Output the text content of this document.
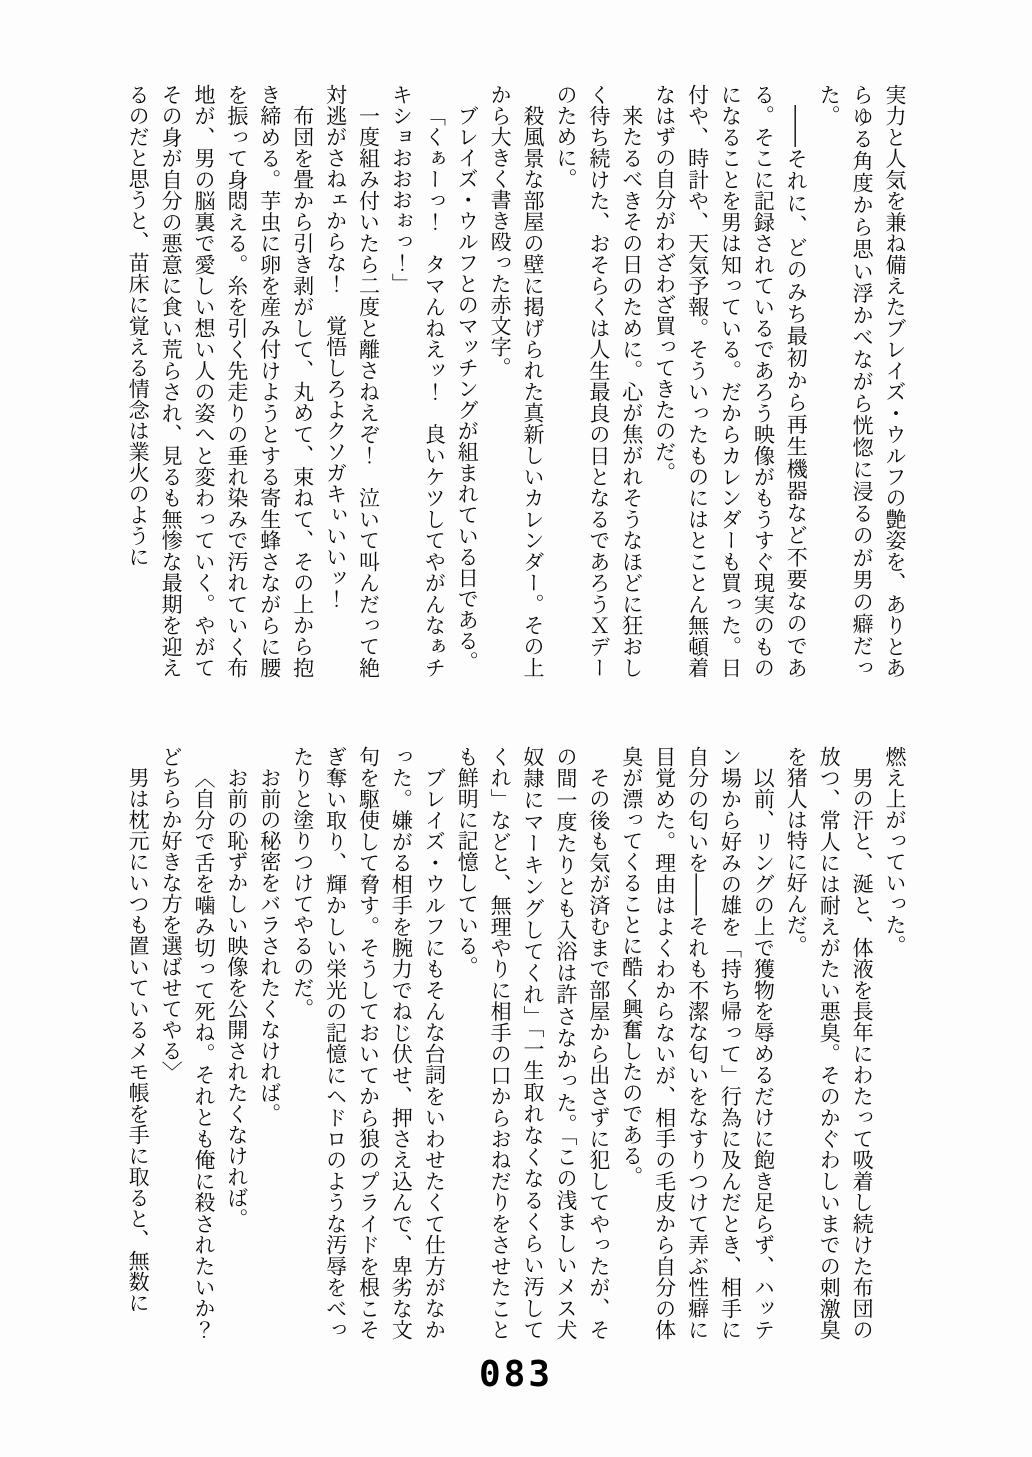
実力と人気を兼ね備えたブレイズ・ウルフの艶姿を、ありとあらゆる角度から思い浮かべながら恍惚に浸るのが男の癖だった。

――それに、どのみち最初から再生機器など不要なのである。そこに記録されているであろう映像がもうすぐ現実のものになることを男は知っている。だからカレンダーも買った。日付や、時計や、天気予報。そういったものにはとことん無頓着なはずの自分がわざわざ買ってきたのだ。

来たるべきその日のために。心が焦がれそうなほどに狂おしく待ち続けた、おそらくは人生最良の日となるであろうＸデーのために。

殺風景な部屋の壁に掲げられた真新しいカレンダー。その上から大きく書き殴った赤文字。

ブレイズ・ウルフとのマッチングが組まれている日である。

「くぁーっ！　タマんねえッ！　良いケツしてやがんなぁチキショおおおぉっ！」

一度組み付いたら二度と離さねえぞ！　泣いて叫んだって絶対逃がさねェからな！　覚悟しろよクソガキぃいいッ！

布団を畳から引き剥がして、丸めて、束ねて、その上から抱き締める。芋虫に卵を産み付けようとする寄生蜂さながらに腰を振って身悶える。糸を引く先走りの垂れ染みで汚れていく布地が、男の脳裏で愛しい想い人の姿へと変わっていく。やがてその身が自分の悪意に食い荒らされ、見るも無惨な最期を迎えるのだと思うと、苗床に覚える情念は業火のように

燃え上がっていった。

男の汗と、涎と、体液を長年にわたって吸着し続けた布団の放つ、常人には耐えがたい悪臭。そのかぐわしいまでの刺激臭を猪人は特に好んだ。

以前、リングの上で獲物を辱めるだけに飽き足らず、ハッテン場から好みの雄を「持ち帰って」行為に及んだとき、相手に自分の匂いを――それも不潔な匂いをなすりつけて弄ぶ性癖に目覚めた。理由はよくわからないが、相手の毛皮から自分の体臭が漂ってくることに酷く興奮したのである。

その後も気が済むまで部屋から出さずに犯してやったが、その間一度たりとも入浴は許さなかった。「この浅ましいメス犬奴隷にマーキングしてくれ」「一生取れなくなるくらい汚してくれ」などと、無理やりに相手の口からおねだりをさせたことも鮮明に記憶している。

ブレイズ・ウルフにもそんな台詞をいわせたくて仕方がなかった。嫌がる相手を腕力でねじ伏せ、押さえ込んで、卑劣な文句を駆使して脅す。そうしておいてから狼のプライドを根こそぎ奪い取り、輝かしい栄光の記憶にヘドロのような汚辱をべったりと塗りつけてやるのだ。

お前の秘密をバラされたくなければ。

お前の恥ずかしい映像を公開されたくなければ。

〈自分で舌を噛み切って死ね。それとも俺に殺されたいか？　どちらか好きな方を選ばせてやる〉

男は枕元にいつも置いているメモ帳を手に取ると、無数に

083
